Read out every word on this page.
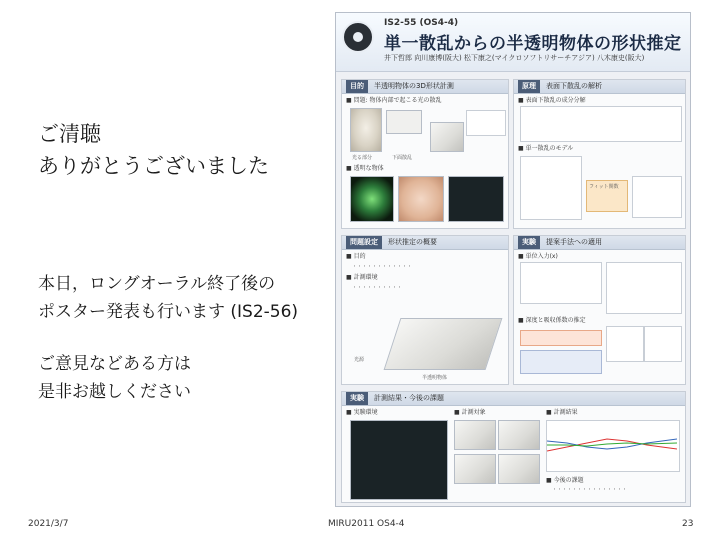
ご清聴
ありがとうございました
本日，ロングオーラル終了後の
ポスター発表も行います (IS2-56)
ご意見などある方は
是非お越しください
IS2-55 (OS4-4)
単一散乱からの半透明物体の形状推定
井下哲郎 向川康博(阪大) 松下康之(マイクロソフトリサーチアジア) 八木康史(阪大)
目的 半透明物体の3D形状計測
■ 問題: 物体内部で起こる光の散乱
光る部分	下面散乱
■ 透明な物体
原理 表面下散乱の解析
■ 表面下散乱の成分分解
■ 単一散乱のモデル
フィット関数
問題設定 形状推定の概要
■ 目的
・・・・・・・・・・・・
■ 計測環境
・・・・・・・・・・
光源
半透明物体
実験 提案手法への適用
■ 単位入力(x)
■ 深度と吸収係数の推定
実験 計測結果・今後の課題
■ 実験環境	■ 計測対象	■ 計測結果
■ 今後の課題
・・・・・・・・・・・・・・・
2021/3/7	MIRU2011 OS4-4	23
